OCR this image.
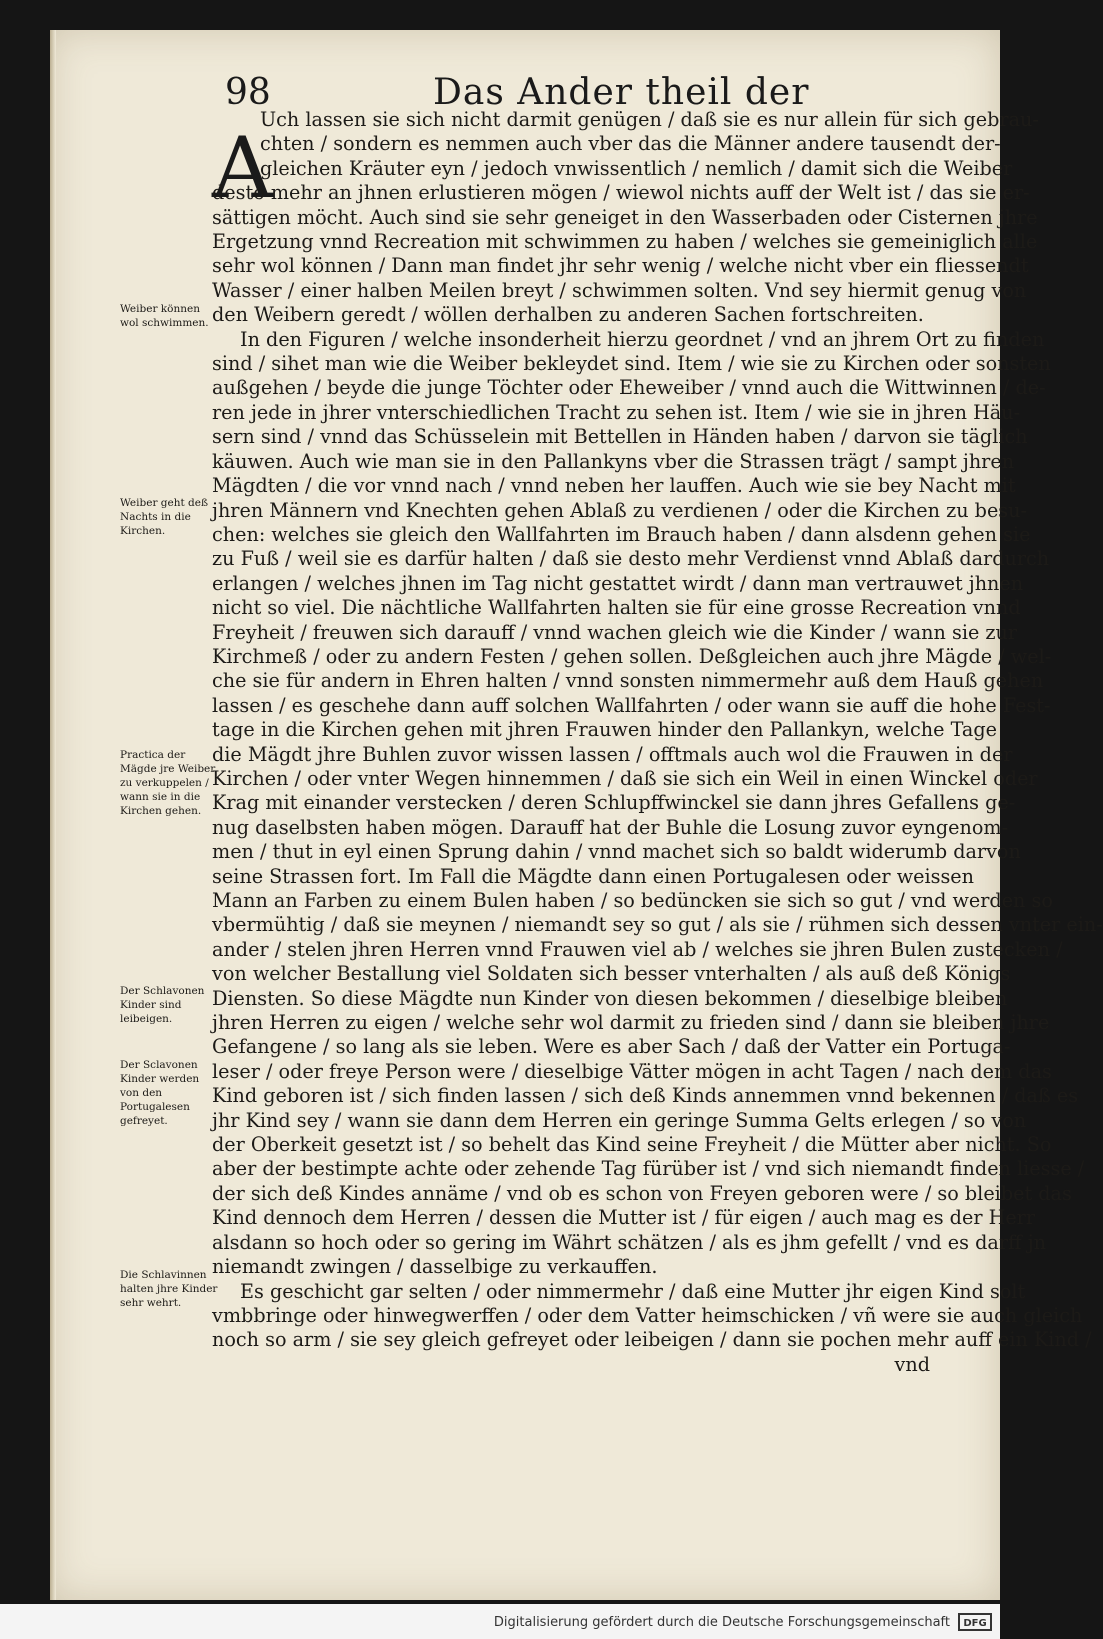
98	Das Ander theil der
A
Uch lassen sie sich nicht darmit genügen / daß sie es nur allein für sich gebrau‑
chten / sondern es nemmen auch vber das die Männer andere tausendt der‑
gleichen Kräuter eyn / jedoch vnwissentlich / nemlich / damit sich die Weiber
desto mehr an jhnen erlustieren mögen / wiewol nichts auff der Welt ist / das sie er‑
sättigen möcht. Auch sind sie sehr geneiget in den Wasserbaden oder Cisternen jhre
Ergetzung vnnd Recreation mit schwimmen zu haben / welches sie gemeiniglich alle
sehr wol können / Dann man findet jhr sehr wenig / welche nicht vber ein fliessendt
Wasser / einer halben Meilen breyt / schwimmen solten. Vnd sey hiermit genug von
den Weibern geredt / wöllen derhalben zu anderen Sachen fortschreiten.
In den Figuren / welche insonderheit hierzu geordnet / vnd an jhrem Ort zu finden
sind / sihet man wie die Weiber bekleydet sind. Item / wie sie zu Kirchen oder sonsten
außgehen / beyde die junge Töchter oder Eheweiber / vnnd auch die Wittwinnen / de‑
ren jede in jhrer vnterschiedlichen Tracht zu sehen ist. Item / wie sie in jhren Häu‑
sern sind / vnnd das Schüsselein mit Bettellen in Händen haben / darvon sie täglich
käuwen. Auch wie man sie in den Pallankyns vber die Strassen trägt / sampt jhren
Mägdten / die vor vnnd nach / vnnd neben her lauffen. Auch wie sie bey Nacht mit
jhren Männern vnd Knechten gehen Ablaß zu verdienen / oder die Kirchen zu besu‑
chen: welches sie gleich den Wallfahrten im Brauch haben / dann alsdenn gehen sie
zu Fuß / weil sie es darfür halten / daß sie desto mehr Verdienst vnnd Ablaß dardurch
erlangen / welches jhnen im Tag nicht gestattet wirdt / dann man vertrauwet jhnen
nicht so viel. Die nächtliche Wallfahrten halten sie für eine grosse Recreation vnnd
Freyheit / freuwen sich darauff / vnnd wachen gleich wie die Kinder / wann sie zur
Kirchmeß / oder zu andern Festen / gehen sollen. Deßgleichen auch jhre Mägde / wel‑
che sie für andern in Ehren halten / vnnd sonsten nimmermehr auß dem Hauß gehen
lassen / es geschehe dann auff solchen Wallfahrten / oder wann sie auff die hohe Fest‑
tage in die Kirchen gehen mit jhren Frauwen hinder den Pallankyn, welche Tage
die Mägdt jhre Buhlen zuvor wissen lassen / offtmals auch wol die Frauwen in der
Kirchen / oder vnter Wegen hinnemmen / daß sie sich ein Weil in einen Winckel oder
Krag mit einander verstecken / deren Schlupffwinckel sie dann jhres Gefallens ge‑
nug daselbsten haben mögen. Darauff hat der Buhle die Losung zuvor eyngenom‑
men / thut in eyl einen Sprung dahin / vnnd machet sich so baldt widerumb darvon
seine Strassen fort. Im Fall die Mägdte dann einen Portugalesen oder weissen
Mann an Farben zu einem Bulen haben / so bedüncken sie sich so gut / vnd werden so
vbermühtig / daß sie meynen / niemandt sey so gut / als sie / rühmen sich dessen vnter ein‑
ander / stelen jhren Herren vnnd Frauwen viel ab / welches sie jhren Bulen zustecken /
von welcher Bestallung viel Soldaten sich besser vnterhalten / als auß deß Königs
Diensten. So diese Mägdte nun Kinder von diesen bekommen / dieselbige bleiben
jhren Herren zu eigen / welche sehr wol darmit zu frieden sind / dann sie bleiben jhre
Gefangene / so lang als sie leben. Were es aber Sach / daß der Vatter ein Portuga‑
leser / oder freye Person were / dieselbige Vätter mögen in acht Tagen / nach dem das
Kind geboren ist / sich finden lassen / sich deß Kinds annemmen vnnd bekennen / daß es
jhr Kind sey / wann sie dann dem Herren ein geringe Summa Gelts erlegen / so von
der Oberkeit gesetzt ist / so behelt das Kind seine Freyheit / die Mütter aber nicht. So
aber der bestimpte achte oder zehende Tag fürüber ist / vnd sich niemandt finden liesse /
der sich deß Kindes annäme / vnd ob es schon von Freyen geboren were / so bleibet das
Kind dennoch dem Herren / dessen die Mutter ist / für eigen / auch mag es der Herr
alsdann so hoch oder so gering im Währt schätzen / als es jhm gefellt / vnd es darff jn
niemandt zwingen / dasselbige zu verkauffen.
Es geschicht gar selten / oder nimmermehr / daß eine Mutter jhr eigen Kind solt
vmbbringe oder hinwegwerffen / oder dem Vatter heimschicken / vñ were sie auch gleich
noch so arm / sie sey gleich gefreyet oder leibeigen / dann sie pochen mehr auff ein Kind /
vnd
Weiber können wol schwimmen.
Weiber geht deß Nachts in die Kirchen.
Practica der Mägde jre Weiber zu verkuppelen / wann sie in die Kirchen gehen.
Der Schlavonen Kinder sind leibeigen.
Der Sclavonen Kinder werden von den Portugalesen gefreyet.
Die Schlavinnen halten jhre Kinder sehr wehrt.
Digitalisierung gefördert durch die Deutsche Forschungsgemeinschaft	DFG
